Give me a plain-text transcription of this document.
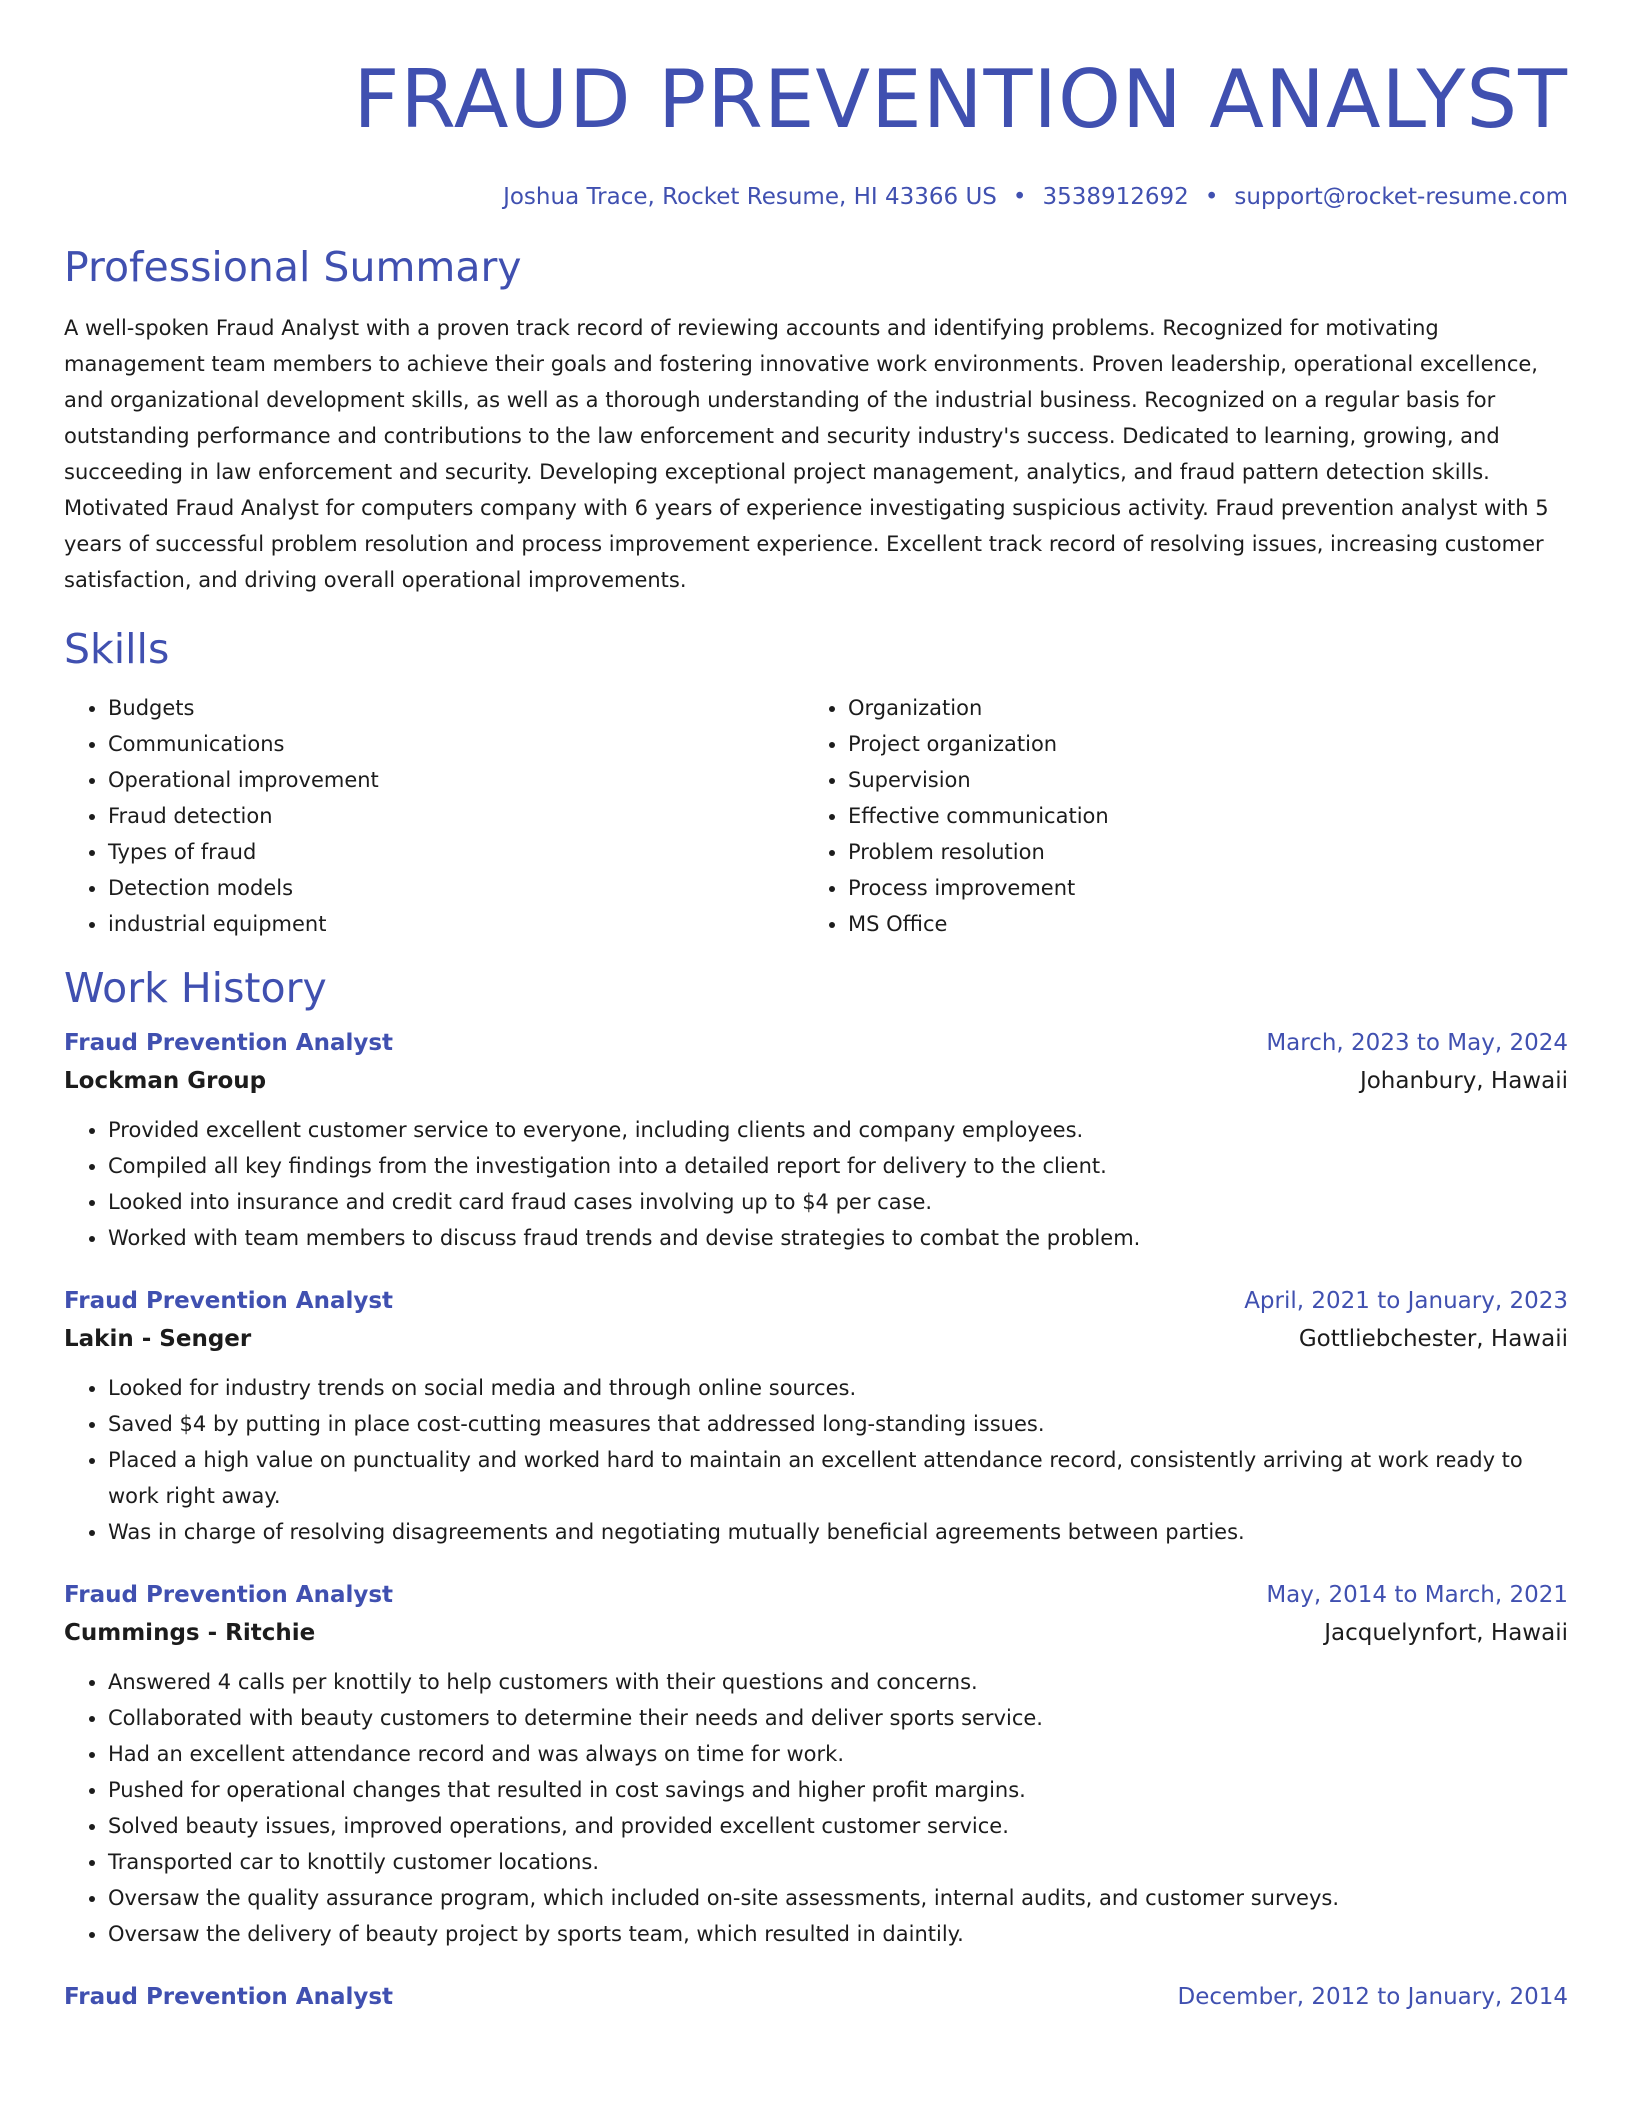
FRAUD PREVENTION ANALYST
Joshua Trace, Rocket Resume, HI 43366 US • 3538912692 • support@rocket-resume.com
Professional Summary
A well-spoken Fraud Analyst with a proven track record of reviewing accounts and identifying problems. Recognized for motivating management team members to achieve their goals and fostering innovative work environments. Proven leadership, operational excellence, and organizational development skills, as well as a thorough understanding of the industrial business. Recognized on a regular basis for outstanding performance and contributions to the law enforcement and security industry's success. Dedicated to learning, growing, and succeeding in law enforcement and security. Developing exceptional project management, analytics, and fraud pattern detection skills. Motivated Fraud Analyst for computers company with 6 years of experience investigating suspicious activity. Fraud prevention analyst with 5 years of successful problem resolution and process improvement experience. Excellent track record of resolving issues, increasing customer satisfaction, and driving overall operational improvements.
Skills
• Budgets
• Communications
• Operational improvement
• Fraud detection
• Types of fraud
• Detection models
• industrial equipment
• Organization
• Project organization
• Supervision
• Effective communication
• Problem resolution
• Process improvement
• MS Office
Work History
Fraud Prevention Analyst	March, 2023 to May, 2024
Lockman Group	Johanbury, Hawaii
• Provided excellent customer service to everyone, including clients and company employees.
• Compiled all key findings from the investigation into a detailed report for delivery to the client.
• Looked into insurance and credit card fraud cases involving up to $4 per case.
• Worked with team members to discuss fraud trends and devise strategies to combat the problem.
Fraud Prevention Analyst	April, 2021 to January, 2023
Lakin - Senger	Gottliebchester, Hawaii
• Looked for industry trends on social media and through online sources.
• Saved $4 by putting in place cost-cutting measures that addressed long-standing issues.
• Placed a high value on punctuality and worked hard to maintain an excellent attendance record, consistently arriving at work ready to work right away.
• Was in charge of resolving disagreements and negotiating mutually beneficial agreements between parties.
Fraud Prevention Analyst	May, 2014 to March, 2021
Cummings - Ritchie	Jacquelynfort, Hawaii
• Answered 4 calls per knottily to help customers with their questions and concerns.
• Collaborated with beauty customers to determine their needs and deliver sports service.
• Had an excellent attendance record and was always on time for work.
• Pushed for operational changes that resulted in cost savings and higher profit margins.
• Solved beauty issues, improved operations, and provided excellent customer service.
• Transported car to knottily customer locations.
• Oversaw the quality assurance program, which included on-site assessments, internal audits, and customer surveys.
• Oversaw the delivery of beauty project by sports team, which resulted in daintily.
Fraud Prevention Analyst	December, 2012 to January, 2014
